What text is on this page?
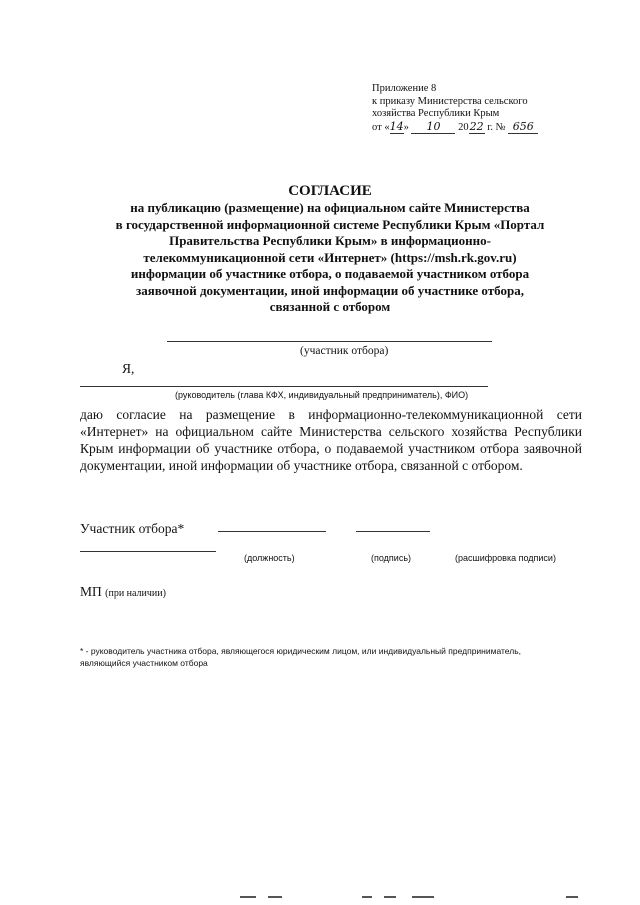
Приложение 8
к приказу Министерства сельского
хозяйства Республики Крым
от «14» 10 2022 г. № 656
СОГЛАСИЕ

на публикацию (размещение) на официальном сайте Министерства

в государственной информационной системе Республики Крым «Портал

Правительства Республики Крым» в информационно-

телекоммуникационной сети «Интернет» (https://msh.rk.gov.ru)

информации об участнике отбора, о подаваемой участником отбора

заявочной документации, иной информации об участнике отбора,

связанной с отбором

(участник отбора)
Я,
(руководитель (глава КФХ, индивидуальный предприниматель), ФИО)

даю согласие на размещение в информационно-телекоммуникационной сети «Интернет» на официальном сайте Министерства сельского хозяйства Республики Крым информации об участнике отбора, о подаваемой участником отбора заявочной документации, иной информации об участнике отбора, связанной с отбором.

Участник отбора*
(должность)	(подпись)	(расшифровка подписи)
МП (при наличии)
* - руководитель участника отбора, являющегося юридическим лицом, или индивидуальный предприниматель,
являющийся участником отбора
